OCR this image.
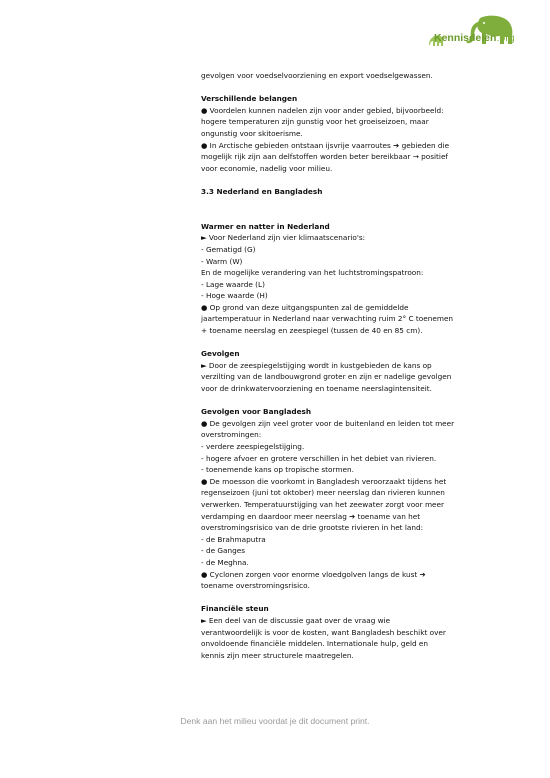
Kennisdelen.org
gevolgen voor voedselvoorziening en export voedselgewassen.
Verschillende belangen
● Voordelen kunnen nadelen zijn voor ander gebied, bijvoorbeeld:
hogere temperaturen zijn gunstig voor het groeiseizoen, maar
ongunstig voor skitoerisme.
● In Arctische gebieden ontstaan ijsvrije vaarroutes ➔ gebieden die
mogelijk rijk zijn aan delfstoffen worden beter bereikbaar → positief
voor economie, nadelig voor milieu.
3.3 Nederland en Bangladesh
Warmer en natter in Nederland
► Voor Nederland zijn vier klimaatscenario's:
- Gematigd (G)
- Warm (W)
En de mogelijke verandering van het luchtstromingspatroon:
- Lage waarde (L)
- Hoge waarde (H)
● Op grond van deze uitgangspunten zal de gemiddelde
jaartemperatuur in Nederland naar verwachting ruim 2° C toenemen
+ toename neerslag en zeespiegel (tussen de 40 en 85 cm).
Gevolgen
► Door de zeespiegelstijging wordt in kustgebieden de kans op
verzilting van de landbouwgrond groter en zijn er nadelige gevolgen
voor de drinkwatervoorziening en toename neerslagintensiteit.
Gevolgen voor Bangladesh
● De gevolgen zijn veel groter voor de buitenland en leiden tot meer
overstromingen:
- verdere zeespiegelstijging.
- hogere afvoer en grotere verschillen in het debiet van rivieren.
- toenemende kans op tropische stormen.
● De moesson die voorkomt in Bangladesh veroorzaakt tijdens het
regenseizoen (juni tot oktober) meer neerslag dan rivieren kunnen
verwerken. Temperatuurstijging van het zeewater zorgt voor meer
verdamping en daardoor meer neerslag ➔ toename van het
overstromingsrisico van de drie grootste rivieren in het land:
- de Brahmaputra
- de Ganges
- de Meghna.
● Cyclonen zorgen voor enorme vloedgolven langs de kust ➔
toename overstromingsrisico.
Financiële steun
► Een deel van de discussie gaat over de vraag wie
verantwoordelijk is voor de kosten, want Bangladesh beschikt over
onvoldoende financiële middelen. Internationale hulp, geld en
kennis zijn meer structurele maatregelen.
Denk aan het milieu voordat je dit document print.
